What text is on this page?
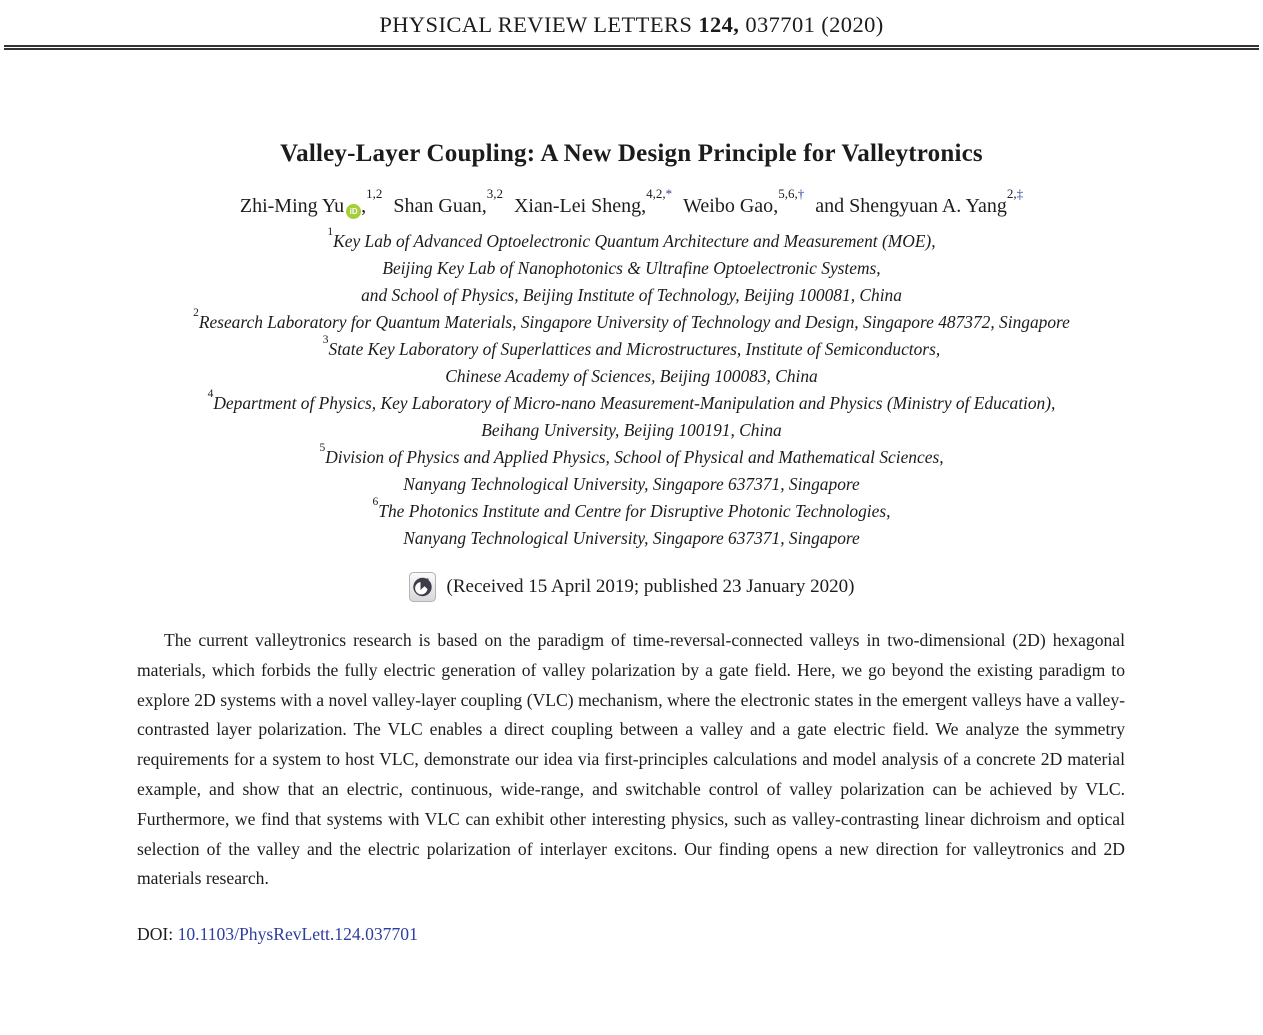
PHYSICAL REVIEW LETTERS 124, 037701 (2020)
Valley-Layer Coupling: A New Design Principle for Valleytronics
Zhi-Ming Yu iD ,$^{1,2}$ Shan Guan,$^{3,2}$ Xian-Lei Sheng,$^{4,2,*}$ Weibo Gao,$^{5,6,\dagger}$ and Shengyuan A. Yang$^{2,\ddagger}$
$^1$Key Lab of Advanced Optoelectronic Quantum Architecture and Measurement (MOE),
Beijing Key Lab of Nanophotonics & Ultrafine Optoelectronic Systems,
and School of Physics, Beijing Institute of Technology, Beijing 100081, China
$^2$Research Laboratory for Quantum Materials, Singapore University of Technology and Design, Singapore 487372, Singapore
$^3$State Key Laboratory of Superlattices and Microstructures, Institute of Semiconductors,
Chinese Academy of Sciences, Beijing 100083, China
$^4$Department of Physics, Key Laboratory of Micro-nano Measurement-Manipulation and Physics (Ministry of Education),
Beihang University, Beijing 100191, China
$^5$Division of Physics and Applied Physics, School of Physical and Mathematical Sciences,
Nanyang Technological University, Singapore 637371, Singapore
$^6$The Photonics Institute and Centre for Disruptive Photonic Technologies,
Nanyang Technological University, Singapore 637371, Singapore
(Received 15 April 2019; published 23 January 2020)

The current valleytronics research is based on the paradigm of time-reversal-connected valleys in two-dimensional (2D) hexagonal materials, which forbids the fully electric generation of valley polarization by a gate field. Here, we go beyond the existing paradigm to explore 2D systems with a novel valley-layer coupling (VLC) mechanism, where the electronic states in the emergent valleys have a valley-contrasted layer polarization. The VLC enables a direct coupling between a valley and a gate electric field. We analyze the symmetry requirements for a system to host VLC, demonstrate our idea via first-principles calculations and model analysis of a concrete 2D material example, and show that an electric, continuous, wide-range, and switchable control of valley polarization can be achieved by VLC. Furthermore, we find that systems with VLC can exhibit other interesting physics, such as valley-contrasting linear dichroism and optical selection of the valley and the electric polarization of interlayer excitons. Our finding opens a new direction for valleytronics and 2D materials research.

DOI: 10.1103/PhysRevLett.124.037701
